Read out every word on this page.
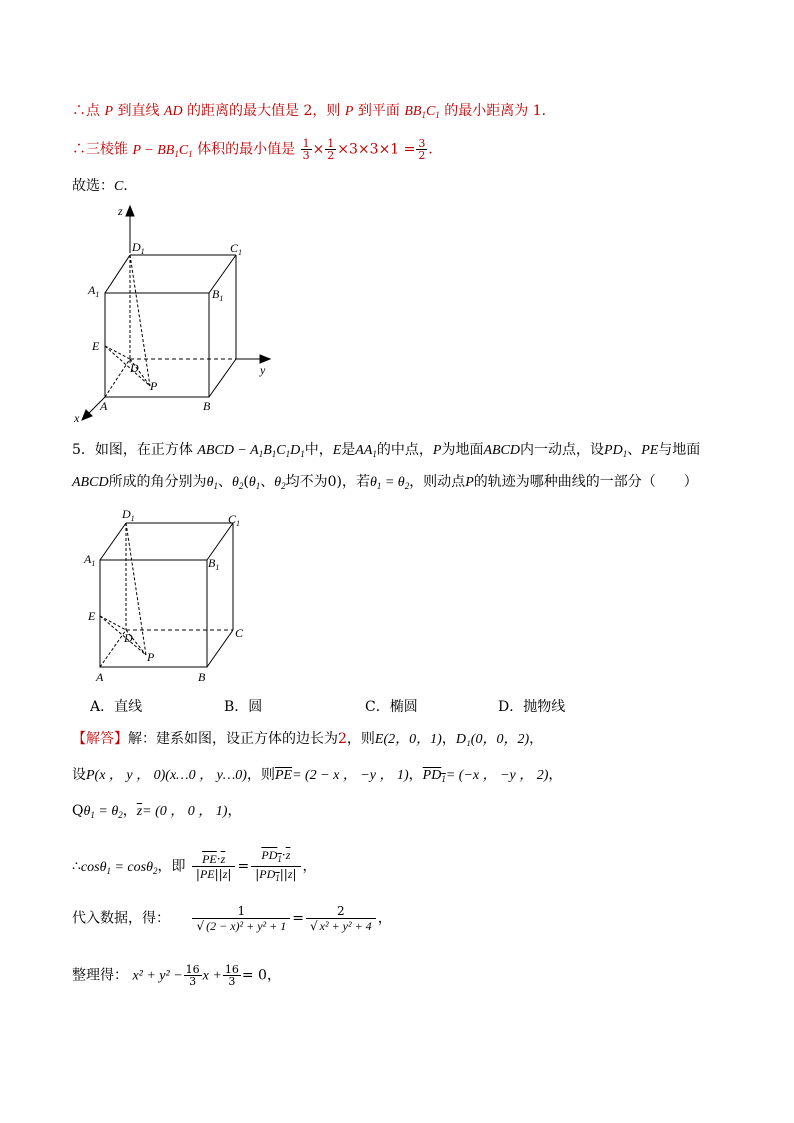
∴点 P 到直线 AD 的距离的最大值是 2，则 P 到平面 $BB_1C_1$ 的最小距离为 1．
∴三棱锥 $P - BB_1C_1$ 体积的最小值是 $\frac{1}{3} \times \frac{1}{2} \times 3\times 3\times 1 = \frac{3}{2}$ ．
故选：C．
z
$D_1$	$C_1$
$A_1$	$B_1$
E
D
P
y
x
A	B
5．如图，在正方体 ABCD − $A_1B_1C_1D_1$中，E是$AA_1$的中点，P为地面ABCD内一动点，设$PD_1$、PE与地面
ABCD所成的角分别为$\theta_1$、$\theta_2(\theta_1$、$\theta_2$均不为0)，若$\theta_1 = \theta_2$，则动点P的轨迹为哪种曲线的一部分（　　）
$D_1$	$C_1$
$A_1$	$B_1$
E
D	C
P
A	B
A．直线	B．圆	C．椭圆	D．抛物线
【解答】解：建系如图，设正方体的边长为2，则E(2，0，1)，D₁(0，0，2)，
设P(x ， y ， 0)(x…0 ， y…0)，则$\overline{PE}= (2 - x$ ， −y ， 1)，$PD_1= (-x$ ， −y ， 2)，
$Q\theta_1 = \theta_2$，$\overline{z}= (0$ ， 0 ， 1)，
∴cosθ$_1$ = cosθ$_2$，即 $\frac{\overline{PE}\cdot\overline{z}}{|\overline{PE}||\overline{z}|} = \frac{PD_1\cdot\overline{z}}{|PD_1||\overline{z}|}$ ，
代入数据，得： $\frac{1}{\text{√ (2 − x)² + y² + 1}} = \frac{2}{\text{√ x² + y² + 4}}$ ，
整理得： $x^2 + y^2 - \frac{16}{3}$ $x + \frac{16}{3} = 0$，
